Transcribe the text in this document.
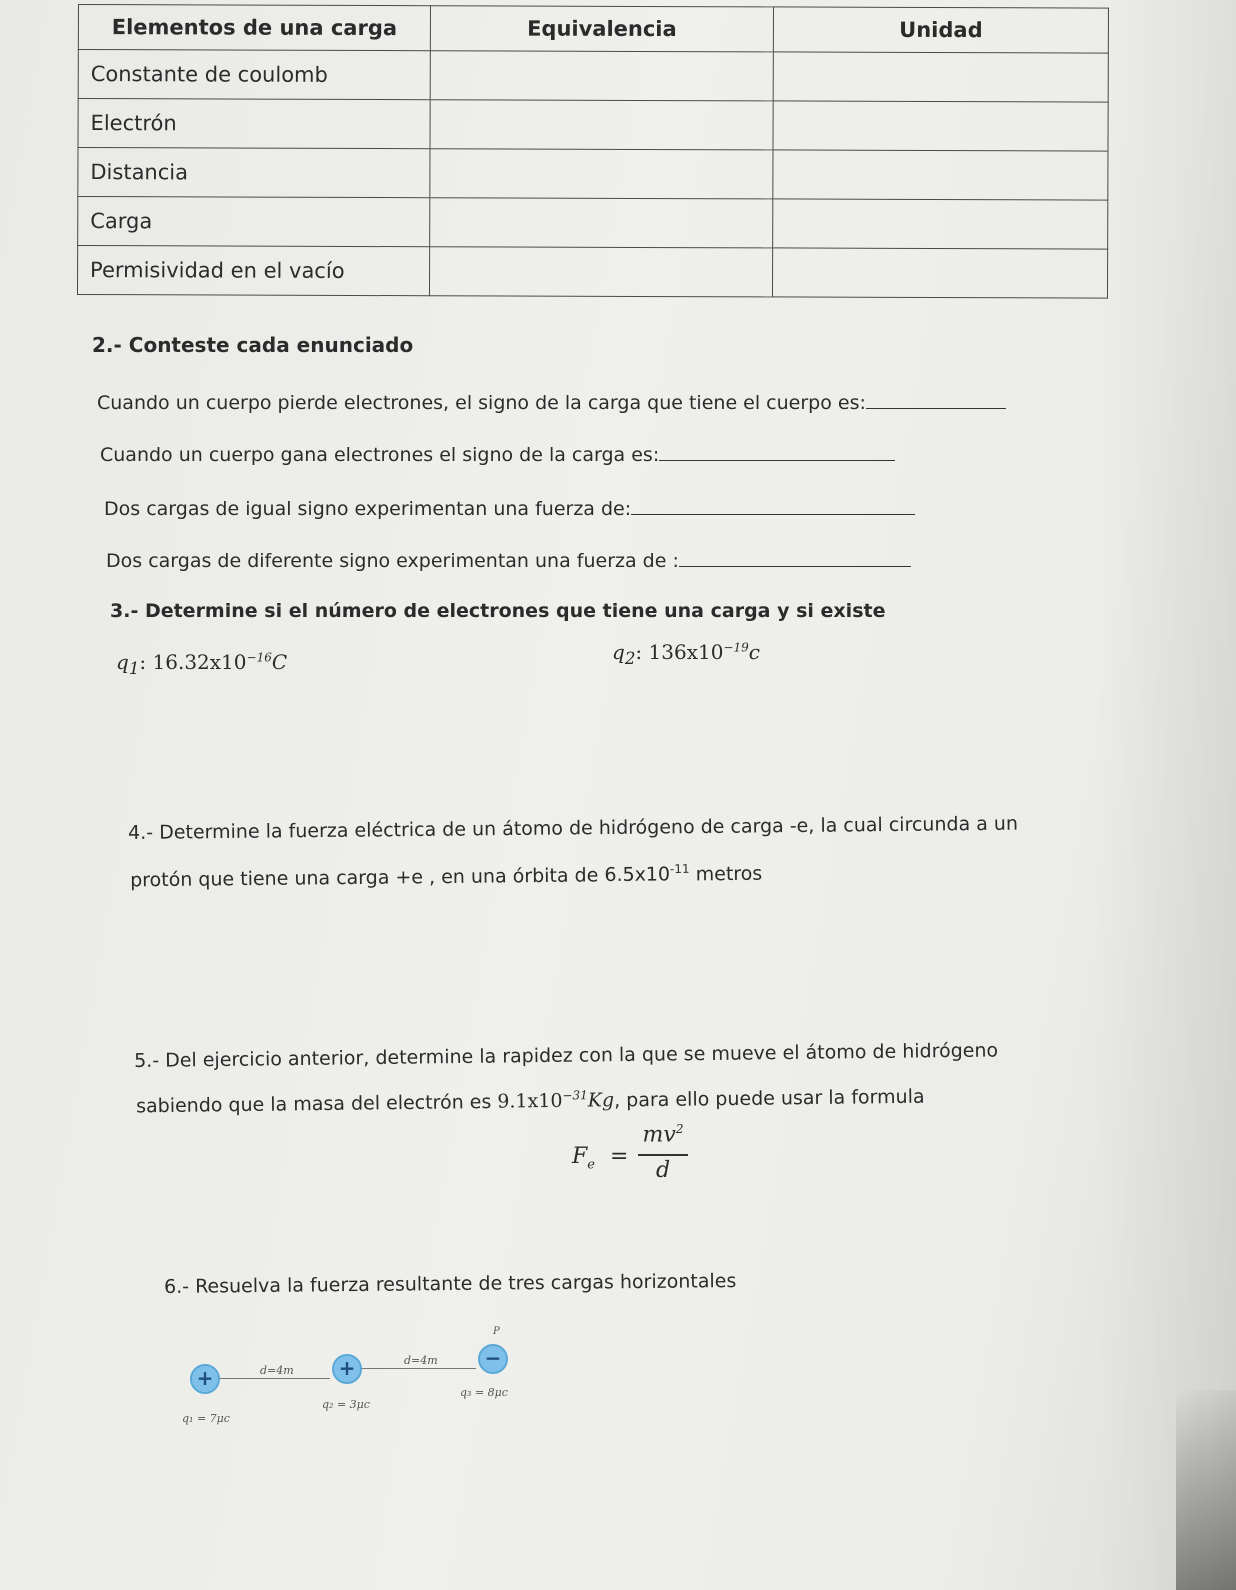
Elementos de una carga	Equivalencia	Unidad
Constante de coulomb		
Electrón		
Distancia		
Carga		
Permisividad en el vacío		
2.- Conteste cada enunciado
Cuando un cuerpo pierde electrones, el signo de la carga que tiene el cuerpo es:
Cuando un cuerpo gana electrones el signo de la carga es:
Dos cargas de igual signo experimentan una fuerza de:
Dos cargas de diferente signo experimentan una fuerza de :
3.- Determine si el número de electrones que tiene una carga y si existe
$q_1$: $16.32x10^{-16}C$	$q_2$: $136x10^{-19}c$
4.- Determine la fuerza eléctrica de un átomo de hidrógeno de carga -e, la cual circunda a un
protón que tiene una carga +e , en una órbita de $6.5x10^{-11}$ metros
5.- Del ejercicio anterior, determine la rapidez con la que se mueve el átomo de hidrógeno
sabiendo que la masa del electrón es $9.1x10^{-31}Kg$, para ello puede usar la formula
$F_e$ =
$mv^2$
d
6.- Resuelva la fuerza resultante de tres cargas horizontales
+	+	−
d=4m
d=4m
P
q₁ = 7μc
q₂ = 3μc
q₃ = 8μc
